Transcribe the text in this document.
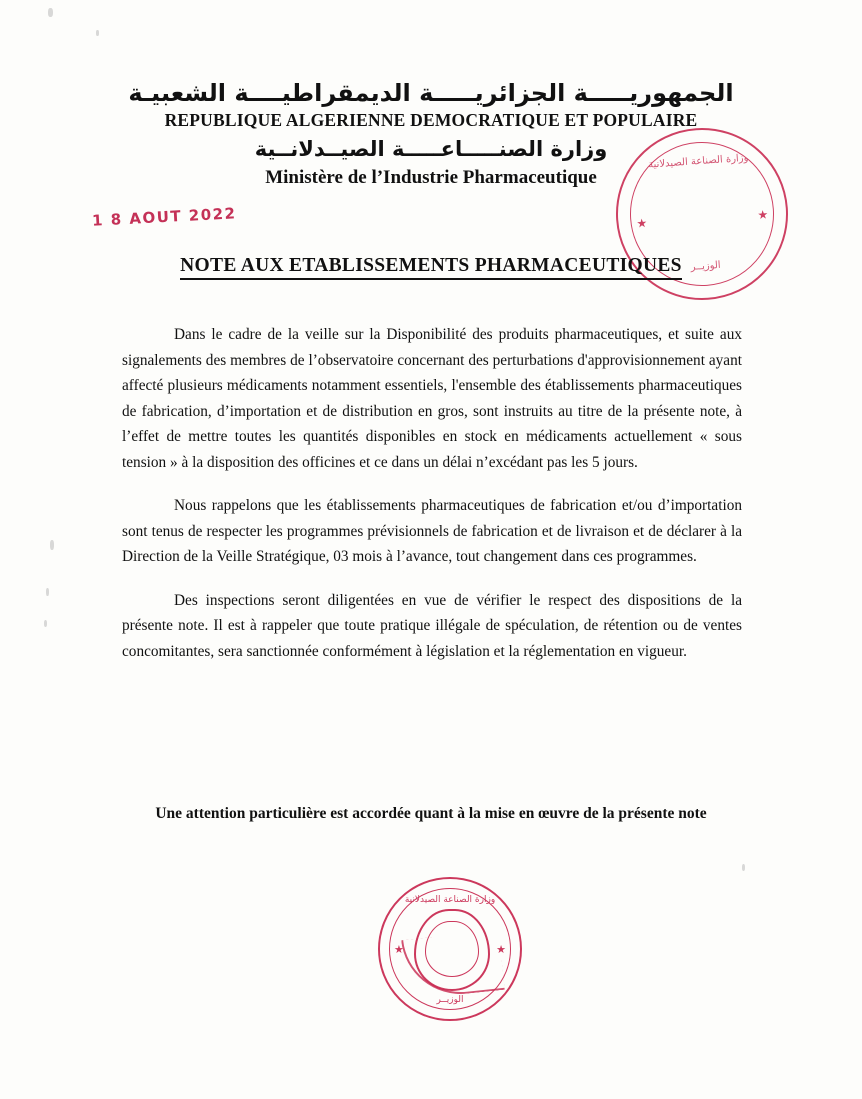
الجمهوريـــــة الجزائريـــــة الديمقراطيــــة الشعبيـة
REPUBLIQUE ALGERIENNE DEMOCRATIQUE ET POPULAIRE
وزارة الصنـــــاعـــــة الصيــدلانــية
Ministère de l’Industrie Pharmaceutique
وزارة الصناعة الصيدلانية
★
★
الوزيــر
1 8 AOUT 2022
NOTE AUX ETABLISSEMENTS PHARMACEUTIQUES

Dans le cadre de la veille sur la Disponibilité des produits pharmaceutiques, et suite aux signalements des membres de l’observatoire concernant des perturbations d'approvisionnement ayant affecté plusieurs médicaments notamment essentiels, l'ensemble des établissements pharmaceutiques de fabrication, d’importation et de distribution en gros, sont instruits au titre de la présente note, à l’effet de mettre toutes les quantités disponibles en stock en médicaments actuellement « sous tension » à la disposition des officines et ce dans un délai n’excédant pas les 5 jours.

Nous rappelons que les établissements pharmaceutiques de fabrication et/ou d’importation sont tenus de respecter les programmes prévisionnels de fabrication et de livraison et de déclarer à la Direction de la Veille Stratégique, 03 mois à l’avance, tout changement dans ces programmes.

Des inspections seront diligentées en vue de vérifier le respect des dispositions de la présente note. Il est à rappeler que toute pratique illégale de spéculation, de rétention ou de ventes concomitantes, sera sanctionnée conformément à législation et la réglementation en vigueur.

Une attention particulière est accordée quant à la mise en œuvre de la présente note
وزارة الصناعة الصيدلانية
★	★
الوزيــر
